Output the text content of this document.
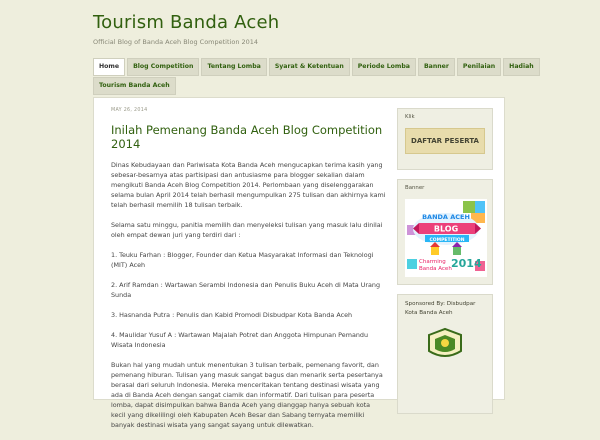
Tourism Banda Aceh
Official Blog of Banda Aceh Blog Competition 2014
Home	Blog Competition	Tentang Lomba	Syarat & Ketentuan	Periode Lomba	Banner	Penilaian	Hadiah
Tourism Banda Aceh
MAY 26, 2014
Inilah Pemenang Banda Aceh Blog Competition 2014

Dinas Kebudayaan dan Pariwisata Kota Banda Aceh mengucapkan terima kasih yang sebesar-besarnya atas partisipasi dan antusiasme para blogger sekalian dalam mengikuti Banda Aceh Blog Competition 2014. Perlombaan yang diselenggarakan selama bulan April 2014 telah berhasil mengumpulkan 275 tulisan dan akhirnya kami telah berhasil memilih 18 tulisan terbaik.

Selama satu minggu, panitia memilih dan menyeleksi tulisan yang masuk lalu dinilai oleh empat dewan juri yang terdiri dari :

1. Teuku Farhan : Blogger, Founder dan Ketua Masyarakat Informasi dan Teknologi (MIT) Aceh

2. Arif Ramdan : Wartawan Serambi Indonesia dan Penulis Buku Aceh di Mata Urang Sunda

3. Hasnanda Putra : Penulis dan Kabid Promodi Disbudpar Kota Banda Aceh

4. Maulidar Yusuf A : Wartawan Majalah Potret dan Anggota Himpunan Pemandu Wisata Indonesia

Bukan hal yang mudah untuk menentukan 3 tulisan terbaik, pemenang favorit, dan pemenang hiburan. Tulisan yang masuk sangat bagus dan menarik serta pesertanya berasal dari seluruh Indonesia. Mereka menceritakan tentang destinasi wisata yang ada di Banda Aceh dengan sangat ciamik dan informatif. Dari tulisan para peserta lomba, dapat disimpulkan bahwa Banda Aceh yang dianggap hanya sebuah kota kecil yang dikelilingi oleh Kabupaten Aceh Besar dan Sabang ternyata memiliki banyak destinasi wisata yang sangat sayang untuk dilewatkan.

Klik
DAFTAR PESERTA
Banner
BANDA ACEH
BLOG
COMPETITION
Charming
Banda Aceh 2014
Sponsored By: Disbudpar Kota Banda Aceh
